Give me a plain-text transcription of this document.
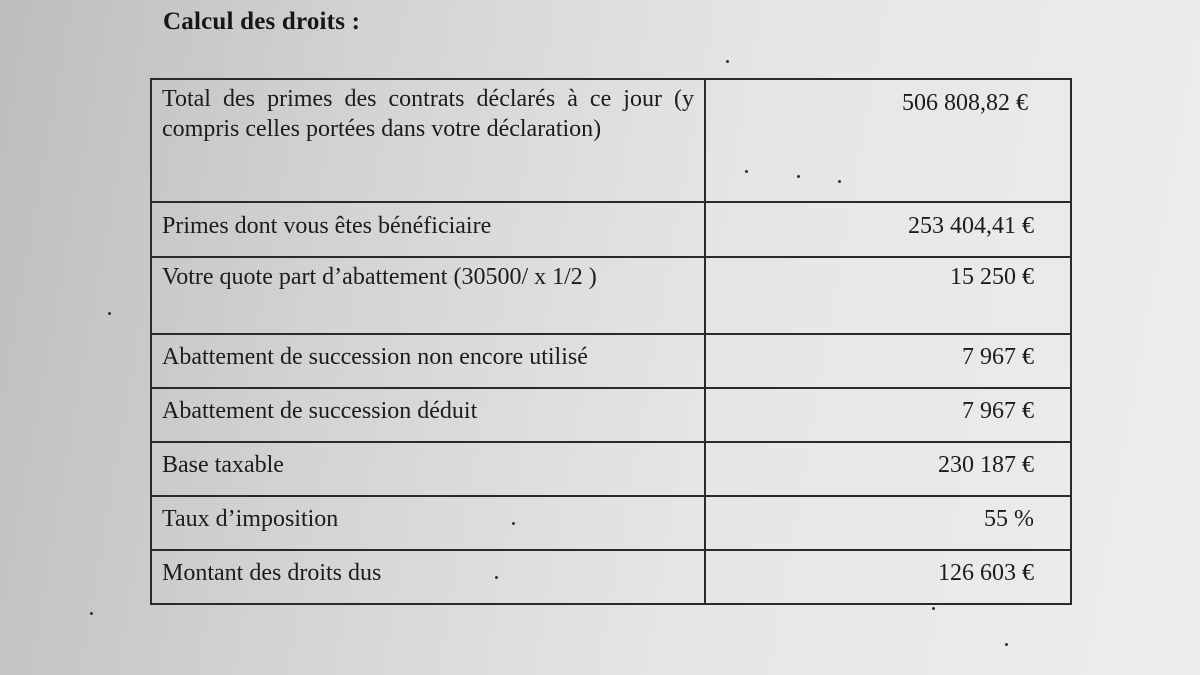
Calcul des droits :
Total des primes des contrats déclarés à ce jour (y compris celles portées dans votre déclaration)	506 808,82 €
Primes dont vous êtes bénéficiaire	253 404,41 €
Votre quote part d’abattement (30500/ x 1/2 )	15 250 €
Abattement de succession non encore utilisé	7 967 €
Abattement de succession déduit	7 967 €
Base taxable	230 187 €
Taux d’imposition	55 %
Montant des droits dus	126 603 €
